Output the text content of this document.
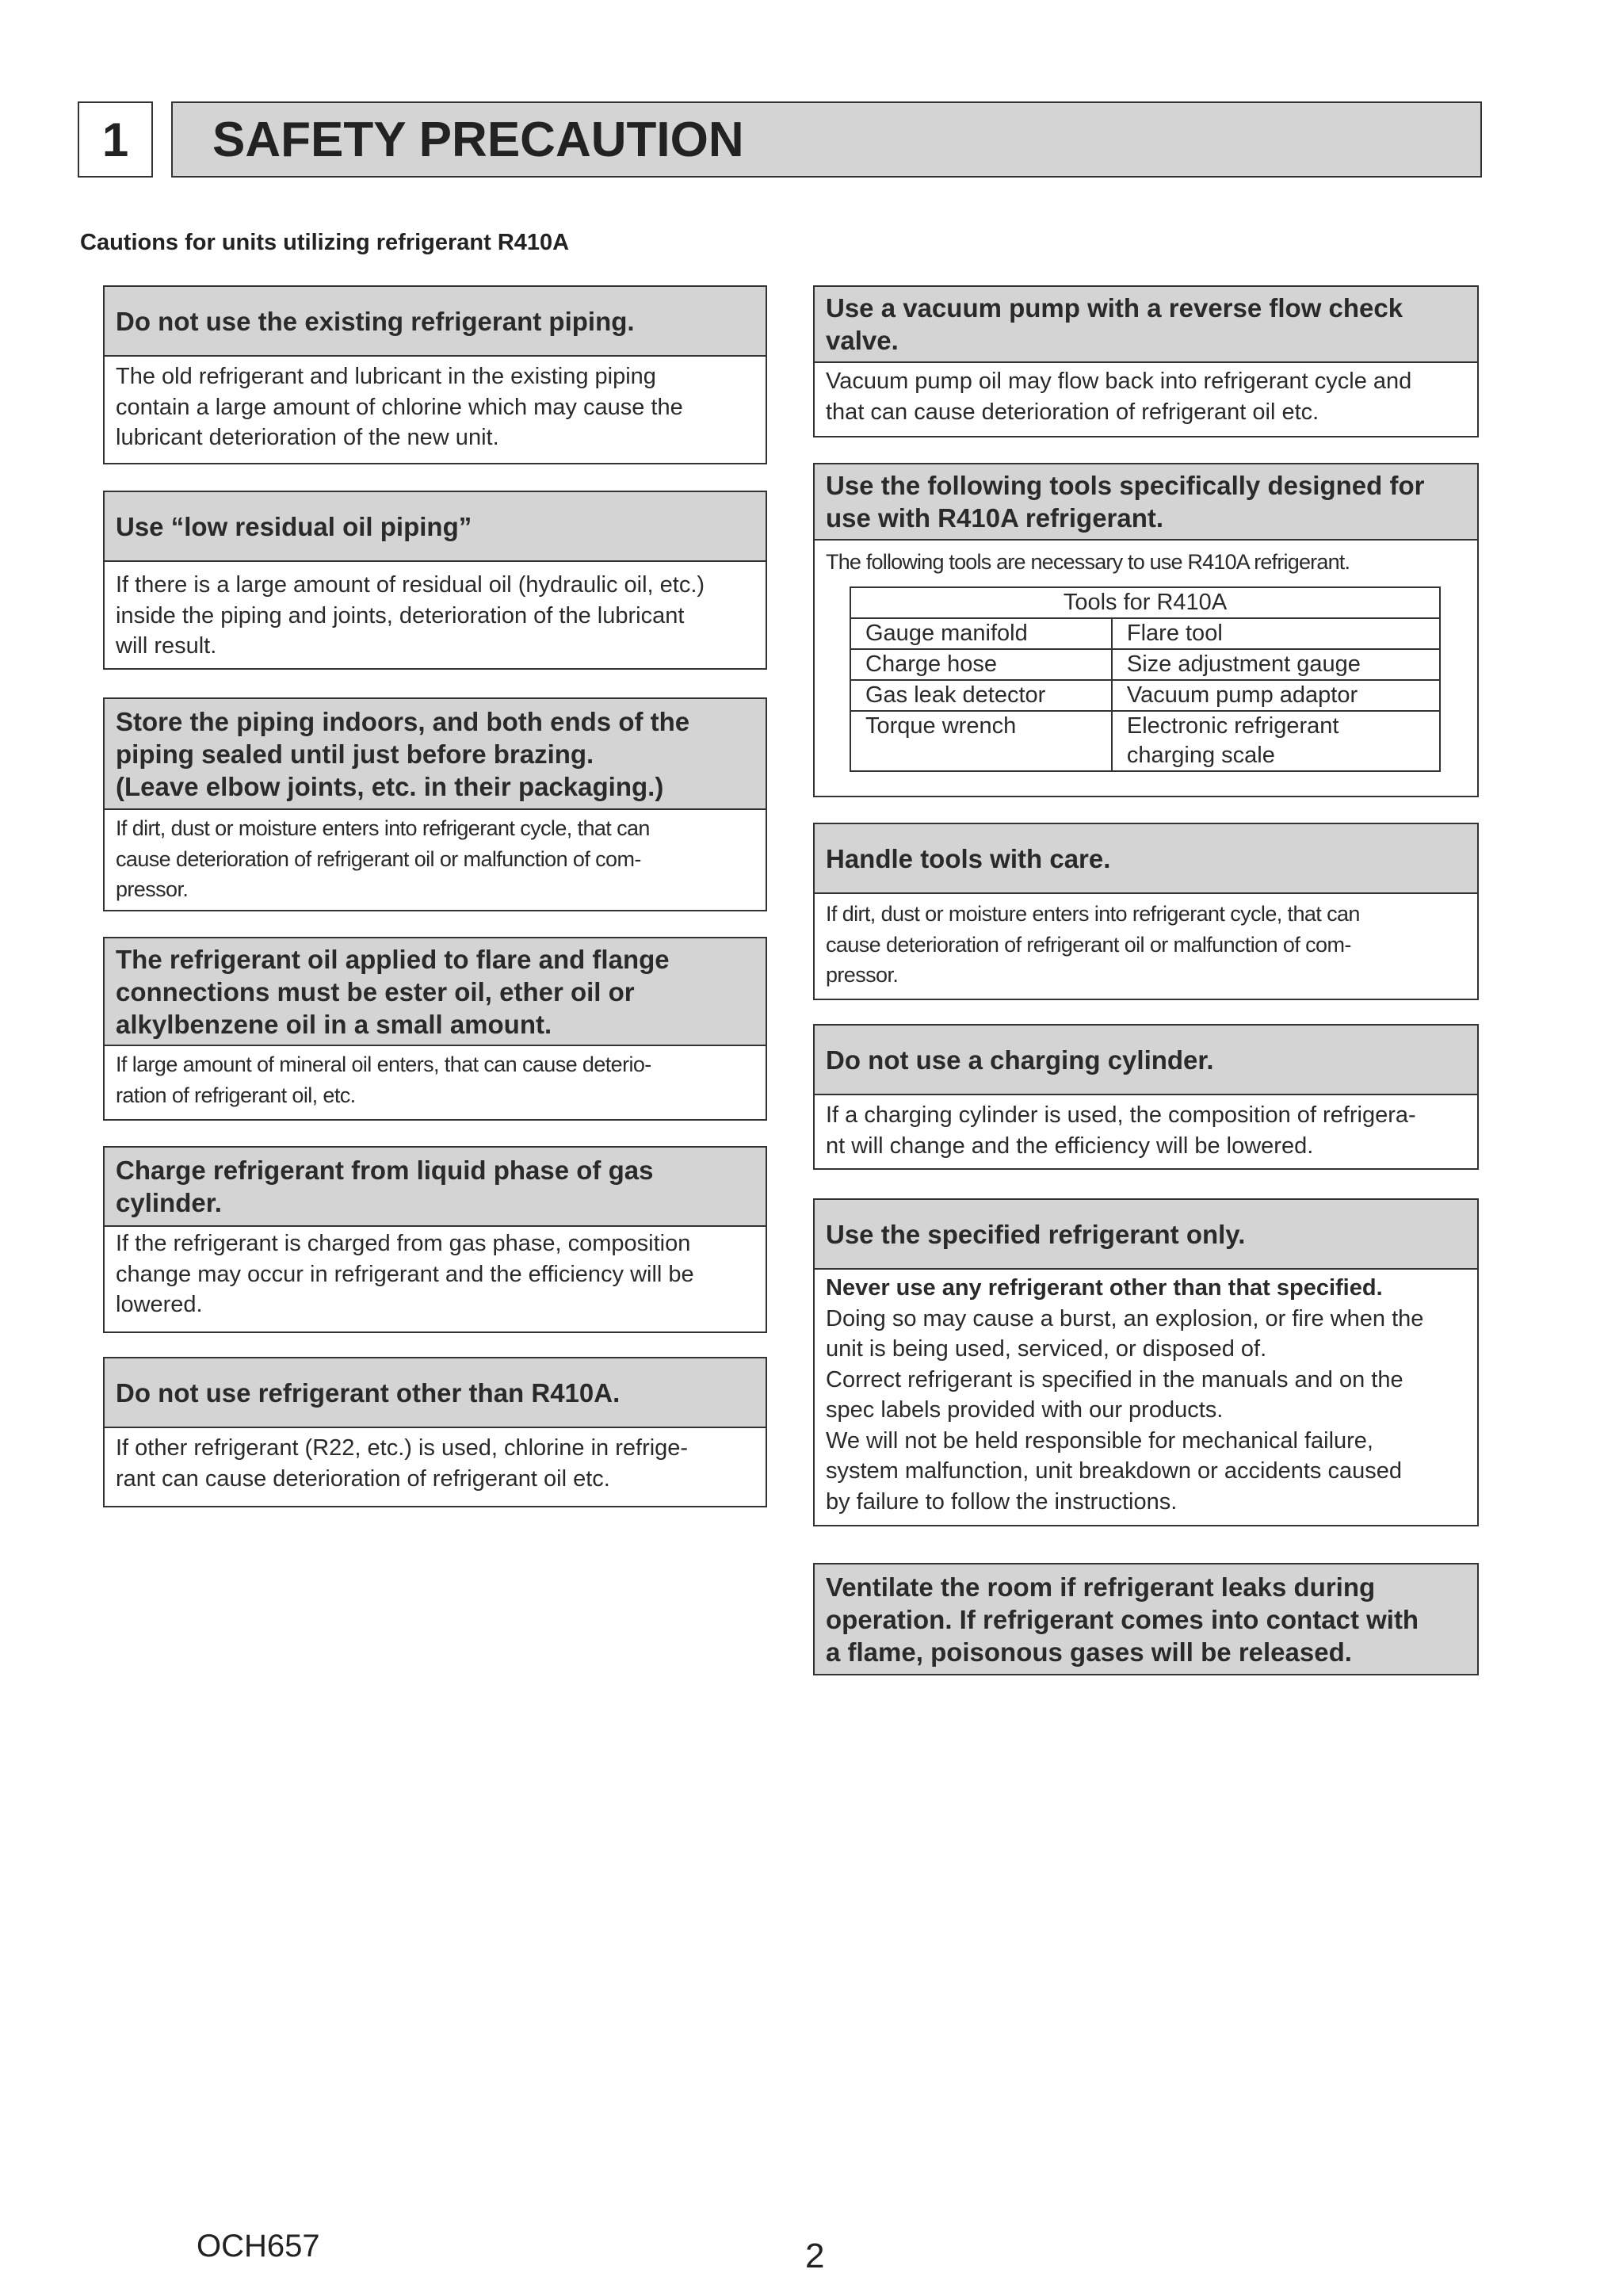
1	SAFETY PRECAUTION
Cautions for units utilizing refrigerant R410A
Do not use the existing refrigerant piping.
The old refrigerant and lubricant in the existing piping
contain a large amount of chlorine which may cause the
lubricant deterioration of the new unit.
Use “low residual oil piping”
If there is a large amount of residual oil (hydraulic oil, etc.)
inside the piping and joints, deterioration of the lubricant
will result.
Store the piping indoors, and both ends of the
piping sealed until just before brazing.
(Leave elbow joints, etc. in their packaging.)
If dirt, dust or moisture enters into refrigerant cycle, that can
cause deterioration of refrigerant oil or malfunction of com-
pressor.
The refrigerant oil applied to flare and flange
connections must be ester oil, ether oil or
alkylbenzene oil in a small amount.
If large amount of mineral oil enters, that can cause deterio-
ration of refrigerant oil, etc.
Charge refrigerant from liquid phase of gas
cylinder.
If the refrigerant is charged from gas phase, composition
change may occur in refrigerant and the efficiency will be
lowered.
Do not use refrigerant other than R410A.
If other refrigerant (R22, etc.) is used, chlorine in refrige-
rant can cause deterioration of refrigerant oil etc.
Use a vacuum pump with a reverse flow check
valve.
Vacuum pump oil may flow back into refrigerant cycle and
that can cause deterioration of refrigerant oil etc.
Use the following tools specifically designed for
use with R410A refrigerant.
The following tools are necessary to use R410A refrigerant.
Tools for R410A	
Gauge manifold	Flare tool
Charge hose	Size adjustment gauge
Gas leak detector	Vacuum pump adaptor
Torque wrench	Electronic refrigerant
	charging scale
Handle tools with care.
If dirt, dust or moisture enters into refrigerant cycle, that can
cause deterioration of refrigerant oil or malfunction of com-
pressor.
Do not use a charging cylinder.
If a charging cylinder is used, the composition of refrigera-
nt will change and the efficiency will be lowered.
Use the specified refrigerant only.
Never use any refrigerant other than that specified.
Doing so may cause a burst, an explosion, or fire when the
unit is being used, serviced, or disposed of.
Correct refrigerant is specified in the manuals and on the
spec labels provided with our products.
We will not be held responsible for mechanical failure,
system malfunction, unit breakdown or accidents caused
by failure to follow the instructions.
Ventilate the room if refrigerant leaks during
operation. If refrigerant comes into contact with
a flame, poisonous gases will be released.
OCH657	2
